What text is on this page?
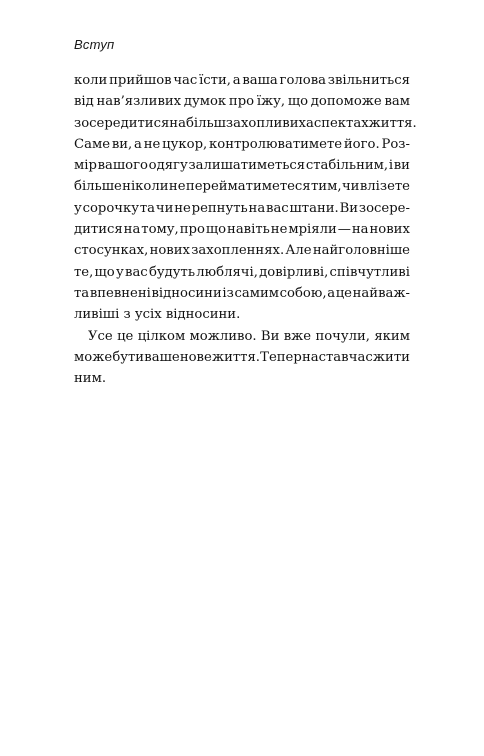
Вступ
коли прийшов час їсти, а ваша голова звільниться
від нав’язливих думок про їжу, що допоможе вам
зосередитися на більш захопливих аспектах життя.
Саме ви, а не цукор, контролюватимете його. Роз-
мір вашого одягу залишатиметься стабільним, і ви
більше ніколи не перейматиметеся тим, чи влізете
у сорочку та чи не репнуть на вас штани. Ви зосере-
дитися на тому, про що навіть не мріяли — на нових
стосунках, нових захопленнях. Але найголовніше
те, що у вас будуть люблячі, довірливі, співчутливі
та впевнені відносини із самим собою, а це найваж-
ливіші з усіх відносини.
Усе це цілком можливо. Ви вже почули, яким
може бути ваше нове життя. Тепер настав час жити
ним.
